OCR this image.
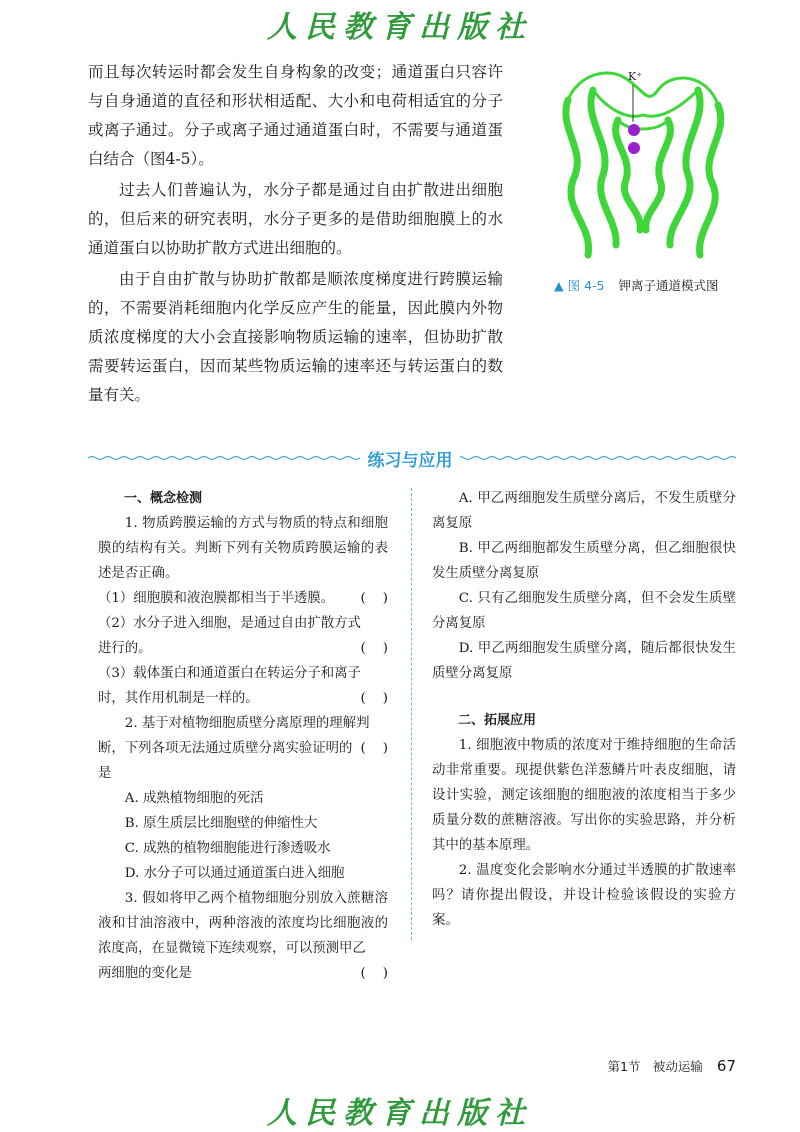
人民教育出版社

而且每次转运时都会发生自身构象的改变；通道蛋白只容许与自身通道的直径和形状相适配、大小和电荷相适宜的分子或离子通过。分子或离子通过通道蛋白时，不需要与通道蛋白结合（图4-5）。

过去人们普遍认为，水分子都是通过自由扩散进出细胞的，但后来的研究表明，水分子更多的是借助细胞膜上的水通道蛋白以协助扩散方式进出细胞的。

由于自由扩散与协助扩散都是顺浓度梯度进行跨膜运输的，不需要消耗细胞内化学反应产生的能量，因此膜内外物质浓度梯度的大小会直接影响物质运输的速率，但协助扩散需要转运蛋白，因而某些物质运输的速率还与转运蛋白的数量有关。

K⁺
▲ 图 4-5 钾离子通道模式图
练习与应用

一、概念检测

1. 物质跨膜运输的方式与物质的特点和细胞膜的结构有关。判断下列有关物质跨膜运输的表述是否正确。

（1）细胞膜和液泡膜都相当于半透膜。 (    )

（2）水分子进入细胞，是通过自由扩散方式

进行的。	(    )

（3）载体蛋白和通道蛋白在转运分子和离子

时，其作用机制是一样的。	(    )

2. 基于对植物细胞质壁分离原理的理解判

断，下列各项无法通过质壁分离实验证明的是
(    )

A. 成熟植物细胞的死活

B. 原生质层比细胞壁的伸缩性大

C. 成熟的植物细胞能进行渗透吸水

D. 水分子可以通过通道蛋白进入细胞

3. 假如将甲乙两个植物细胞分别放入蔗糖溶液和甘油溶液中，两种溶液的浓度均比细胞液的浓度高，在显微镜下连续观察，可以预测甲乙

两细胞的变化是	(    )

A. 甲乙两细胞发生质壁分离后，不发生质壁分离复原

B. 甲乙两细胞都发生质壁分离，但乙细胞很快发生质壁分离复原

C. 只有乙细胞发生质壁分离，但不会发生质壁分离复原

D. 甲乙两细胞发生质壁分离，随后都很快发生质壁分离复原

二、拓展应用

1. 细胞液中物质的浓度对于维持细胞的生命活动非常重要。现提供紫色洋葱鳞片叶表皮细胞，请设计实验，测定该细胞的细胞液的浓度相当于多少质量分数的蔗糖溶液。写出你的实验思路，并分析其中的基本原理。

2. 温度变化会影响水分通过半透膜的扩散速率吗？请你提出假设，并设计检验该假设的实验方案。

第1节　被动运输 67
人民教育出版社
